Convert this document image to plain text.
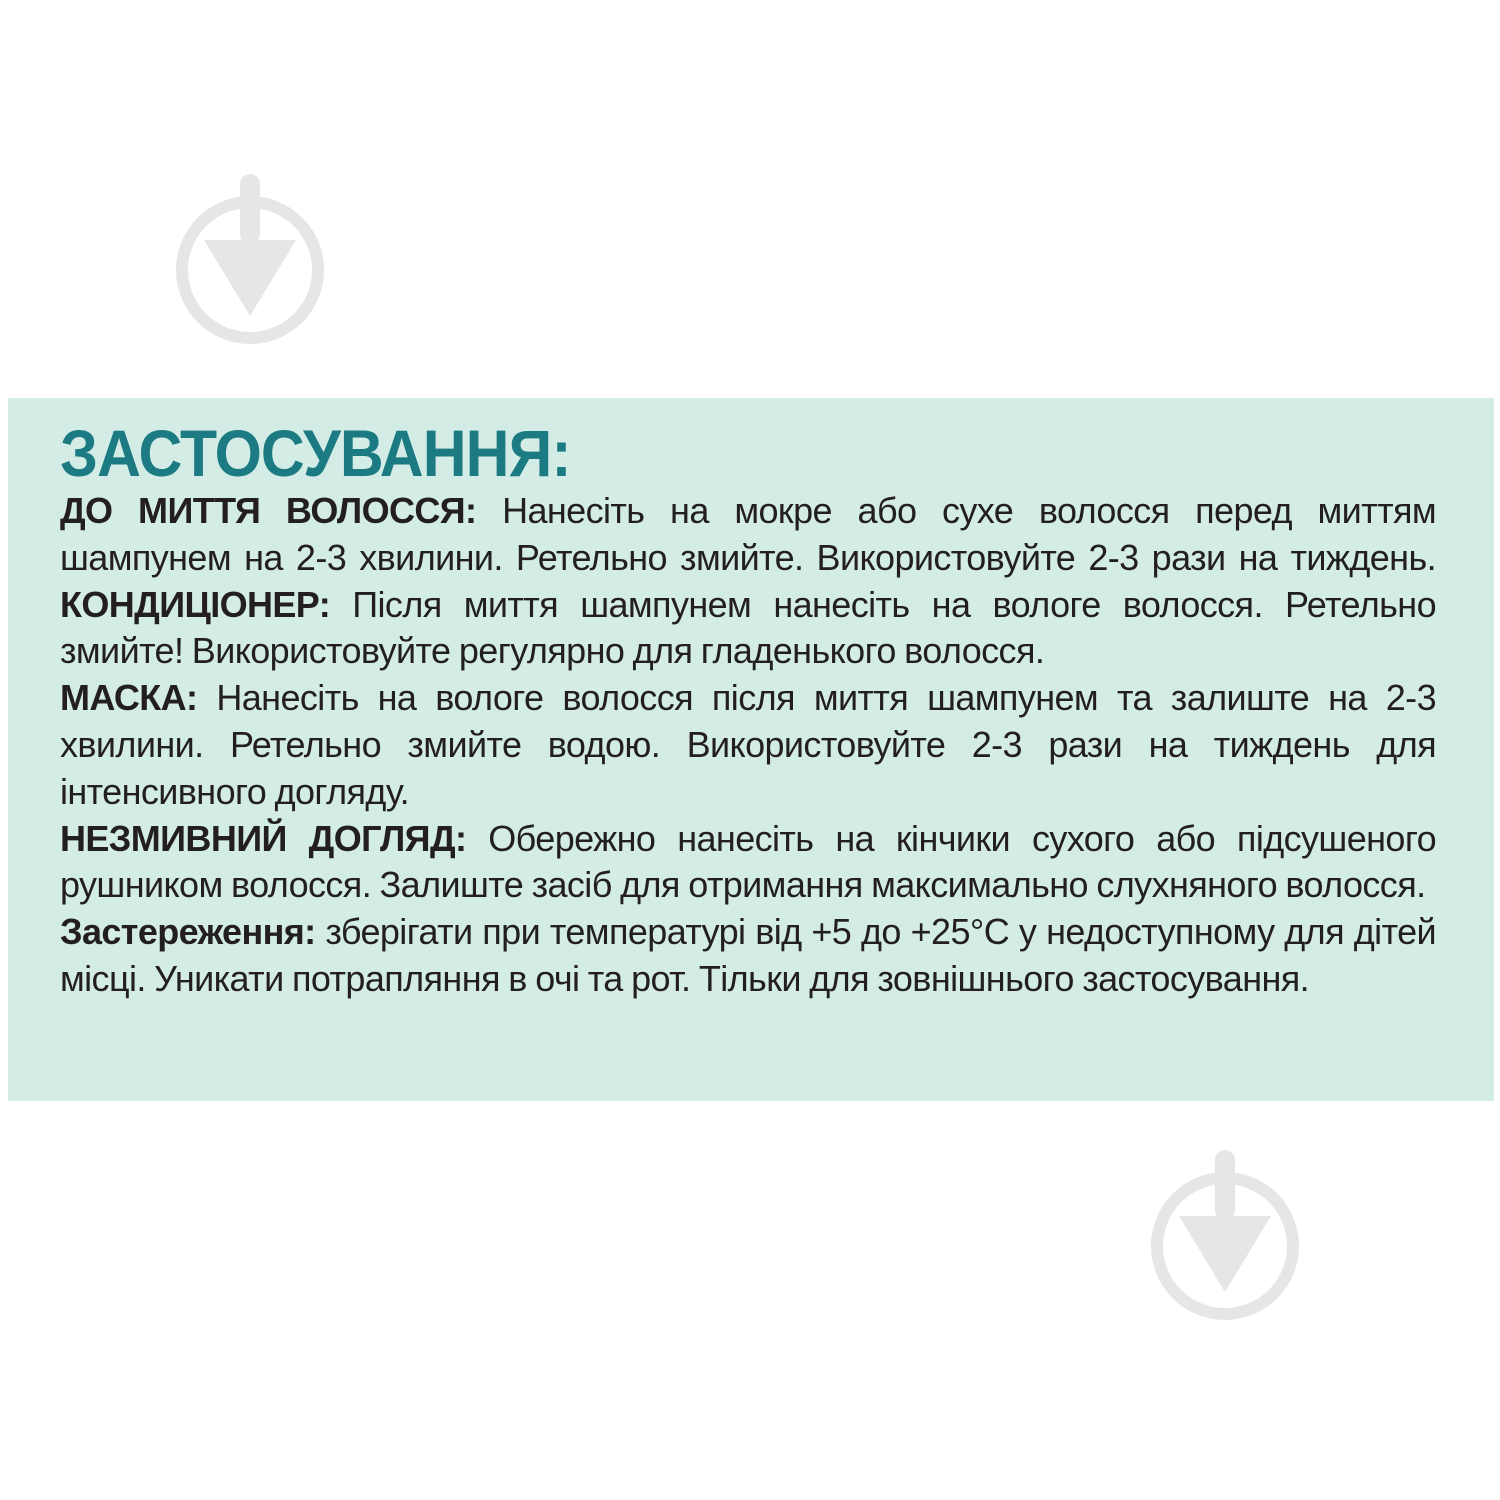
ЗАСТОСУВАННЯ:

ДО МИТТЯ ВОЛОССЯ: Нанесіть на мокре або сухе волосся перед миттям шампунем на 2-3 хвилини. Ретельно змийте. Використовуйте 2-3 рази на тиждень. КОНДИЦІОНЕР: Після миття шампунем нанесіть на вологе волосся. Ретельно змийте! Використовуйте регулярно для гладенького волосся.

МАСКА: Нанесіть на вологе волосся після миття шампунем та залиште на 2-3 хвилини. Ретельно змийте водою. Використовуйте 2-3 рази на тиждень для інтенсивного догляду.

НЕЗМИВНИЙ ДОГЛЯД: Обережно нанесіть на кінчики сухого або підсушеного рушником волосся. Залиште засіб для отримання максимально слухняного волосся.

Застереження: зберігати при температурі від +5 до +25°C у недоступному для дітей місці. Уникати потрапляння в очі та рот. Тільки для зовнішнього застосування.
